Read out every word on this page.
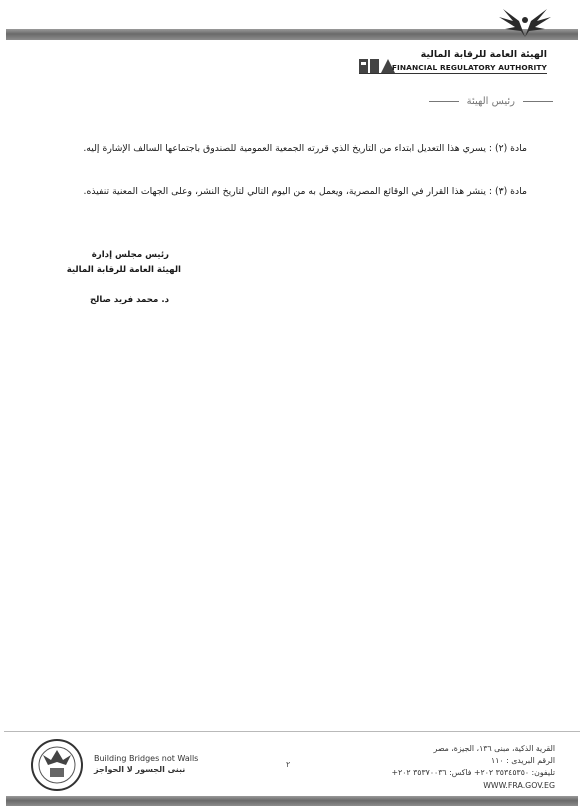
الهيئة العامة للرقابة المالية
FINANCIAL REGULATORY AUTHORITY
رئيس الهيئة
مادة (٢) : يسري هذا التعديل ابتداء من التاريخ الذي قررته الجمعية العمومية للصندوق باجتماعها السالف الإشارة إليه.
مادة (٣) : ينشر هذا القرار في الوقائع المصرية، ويعمل به من اليوم التالي لتاريخ النشر، وعلى الجهات المعنية تنفيذه.
رئيس مجلس إدارة
الهيئة العامة للرقابة المالية
د. محمد فريد صالح
Building Bridges not Walls
نبنى الجسور لا الحواجز
٢
القرية الذكية، مبنى ١٣٦، الجيزة، مصر
الرقم البريدى : ١١٠
تليفون: ٣٥٣٤٥٣٥٠ ٢٠٢+ فاكس: ٣٥٣٧٠٠٣٦ ٢٠٢+
WWW.FRA.GOV.EG
